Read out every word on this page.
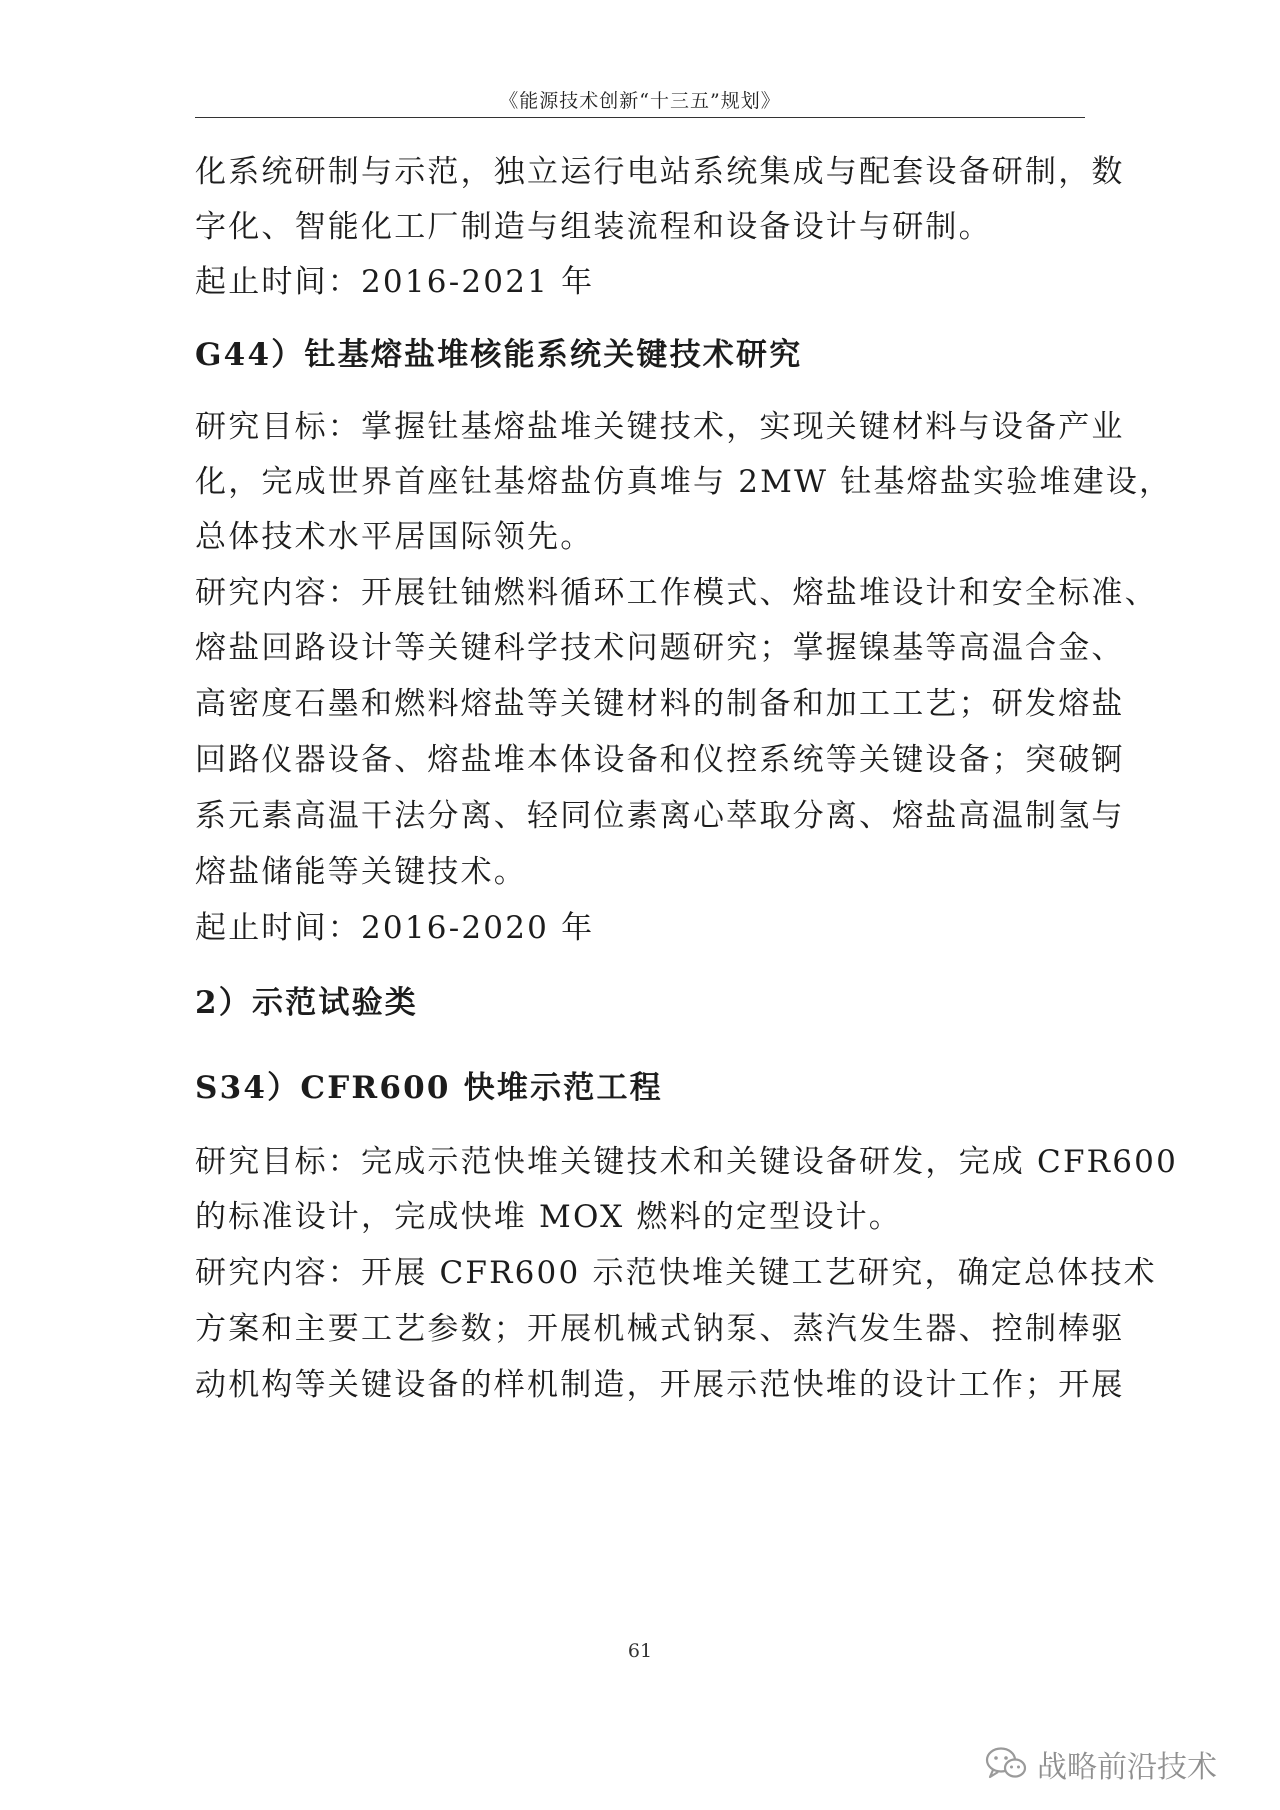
《能源技术创新“十三五”规划》
化系统研制与示范，独立运行电站系统集成与配套设备研制，数
字化、智能化工厂制造与组装流程和设备设计与研制。
起止时间：2016-2021 年
G44）钍基熔盐堆核能系统关键技术研究
研究目标：掌握钍基熔盐堆关键技术，实现关键材料与设备产业
化，完成世界首座钍基熔盐仿真堆与 2MW 钍基熔盐实验堆建设，
总体技术水平居国际领先。
研究内容：开展钍铀燃料循环工作模式、熔盐堆设计和安全标准、
熔盐回路设计等关键科学技术问题研究；掌握镍基等高温合金、
高密度石墨和燃料熔盐等关键材料的制备和加工工艺；研发熔盐
回路仪器设备、熔盐堆本体设备和仪控系统等关键设备；突破锕
系元素高温干法分离、轻同位素离心萃取分离、熔盐高温制氢与
熔盐储能等关键技术。
起止时间：2016-2020 年
2）示范试验类
S34）CFR600 快堆示范工程
研究目标：完成示范快堆关键技术和关键设备研发，完成 CFR600
的标准设计，完成快堆 MOX 燃料的定型设计。
研究内容：开展 CFR600 示范快堆关键工艺研究，确定总体技术
方案和主要工艺参数；开展机械式钠泵、蒸汽发生器、控制棒驱
动机构等关键设备的样机制造，开展示范快堆的设计工作；开展
61
战略前沿技术
